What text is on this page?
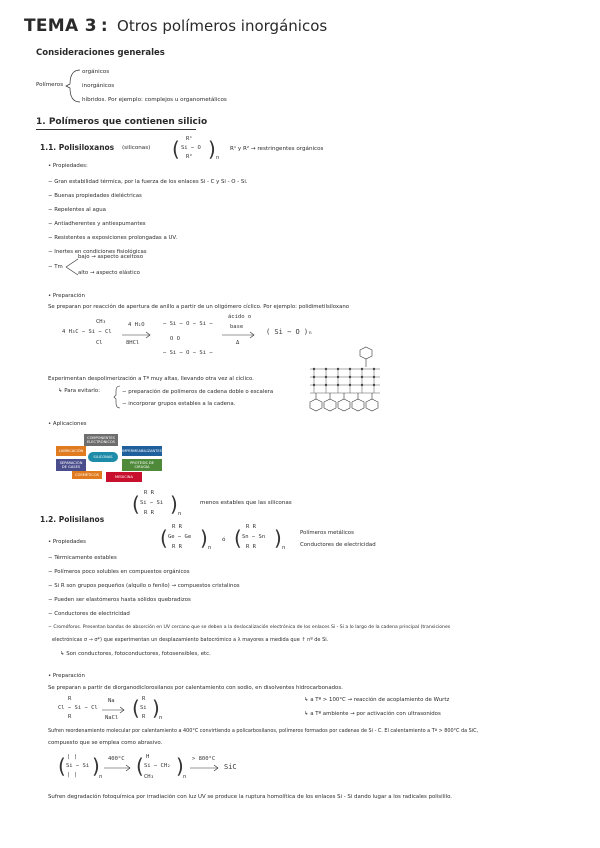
TEMA 3 : Otros polímeros inorgánicos
Consideraciones generales
Polímeros
orgánicos
inorgánicos
híbridos. Por ejemplo: complejos u organometálicos
1. Polímeros que contienen silicio
1.1. Polisiloxanos (siliconas) ( R¹
Si − O
R² ) n
R¹ y R² → restringentes orgánicos
• Propiedades:
− Gran estabilidad térmica, por la fuerza de los enlaces Si - C y Si - O - Si.
− Buenas propiedades dieléctricas
− Repelentes al agua
− Antiadherentes y antiespumantes
− Resistentes a exposiciones prolongadas a UV.
− Inertes en condiciones fisiológicas
− Tm
bajo → aspecto aceitoso
alto → aspecto elástico
• Preparación
Se preparan por reacción de apertura de anillo a partir de un oligómero cíclico. Por ejemplo: polidimetilsiloxano
CH₃
4 H₃C − Si − Cl
Cl
4 H₂O
8HCl
− Si − O − Si −
O O
− Si − O − Si −
ácido o
base
Δ
( Si − O )ₙ
Experimentan despolimerización a Tª muy altas, llevando otra vez al cíclico.
↳ Para evitarlo:	− preparación de polímeros de cadena doble o escalera
− incorporar grupos estables a la cadena.
• Aplicaciones
COMPONENTES ELECTRÓNICOS
LUBRICACIÓN
SILICONAS
IMPERMEABILIZANTES
SEPARACIÓN DE GASES
PROTESIS DE CIRUGIA
COSMÉTICOS	MEDICINA
( R R
Si − Si
R R ) n
menos estables que las siliconas
1.2. Polisilanos
( R R
Ge − Ge
R R ) n
ó ( R R
Sn − Sn
R R ) n
Polímeros metálicos
Conductores de electricidad
• Propiedades
− Térmicamente estables
− Polímeros poco solubles en compuestos orgánicos
− Si R son grupos pequeños (alquilo o fenilo) → compuestos cristalinos
− Pueden ser elastómeros hasta sólidos quebradizos
− Conductores de electricidad
− Cromóforos. Presentan bandas de absorción en UV cercano que se deben a la deslocalización electrónica de los enlaces Si - Si a lo largo de la cadena principal (transiciones
electrónicas σ → σ*) que experimentan un desplazamiento batocrómico a λ mayores a medida que ↑ nº de Si.
↳ Son conductores, fotoconductores, fotosensibles, etc.
• Preparación
Se preparan a partir de diorganodiclorosilanos por calentamiento con sodio, en disolventes hidrocarbonados.
↳ a Tª > 100°C → reacción de acoplamiento de Wurtz
↳ a Tª ambiente → por activación con ultrasonidos
R
Cl − Si − Cl
R
Na
NaCl ( R
Si
R ) n
Sufren reordenamiento molecular por calentamiento a 400°C convirtiendo a policarbosilanos, polímeros formados por cadenas de Si - C. El calentamiento a Tª > 800°C da SiC,
compuesto que se emplea como abrasivo.
( | |
Si − Si
| | ) n
400°C ( H
Si − CH₂
CH₃ ) n
> 800°C
SiC
Sufren degradación fotoquímica por irradiación con luz UV se produce la ruptura homolítica de los enlaces Si - Si dando lugar a los radicales polisililo.
